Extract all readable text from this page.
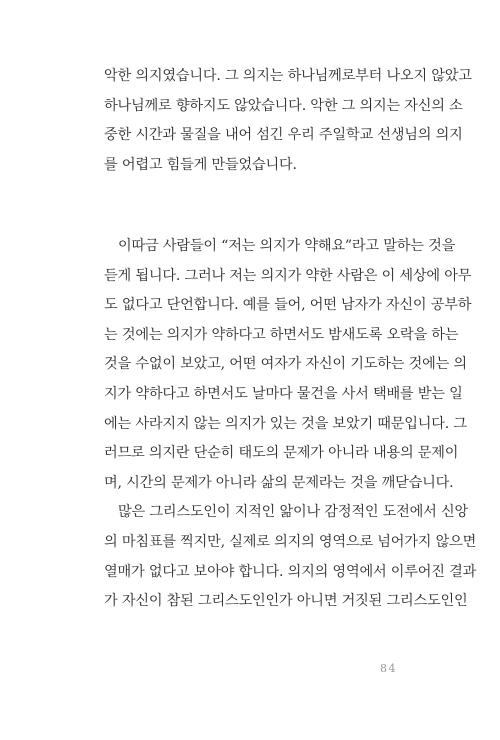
악한 의지였습니다. 그 의지는 하나님께로부터 나오지 않았고
하나님께로 향하지도 않았습니다. 악한 그 의지는 자신의 소
중한 시간과 물질을 내어 섬긴 우리 주일학교 선생님의 의지
를 어렵고 힘들게 만들었습니다.
이따금 사람들이 “저는 의지가 약해요”라고 말하는 것을
듣게 됩니다. 그러나 저는 의지가 약한 사람은 이 세상에 아무
도 없다고 단언합니다. 예를 들어, 어떤 남자가 자신이 공부하
는 것에는 의지가 약하다고 하면서도 밤새도록 오락을 하는
것을 수없이 보았고, 어떤 여자가 자신이 기도하는 것에는 의
지가 약하다고 하면서도 날마다 물건을 사서 택배를 받는 일
에는 사라지지 않는 의지가 있는 것을 보았기 때문입니다. 그
러므로 의지란 단순히 태도의 문제가 아니라 내용의 문제이
며, 시간의 문제가 아니라 삶의 문제라는 것을 깨닫습니다.
많은 그리스도인이 지적인 앎이나 감정적인 도전에서 신앙
의 마침표를 찍지만, 실제로 의지의 영역으로 넘어가지 않으면
열매가 없다고 보아야 합니다. 의지의 영역에서 이루어진 결과
가 자신이 참된 그리스도인인가 아니면 거짓된 그리스도인인
84
